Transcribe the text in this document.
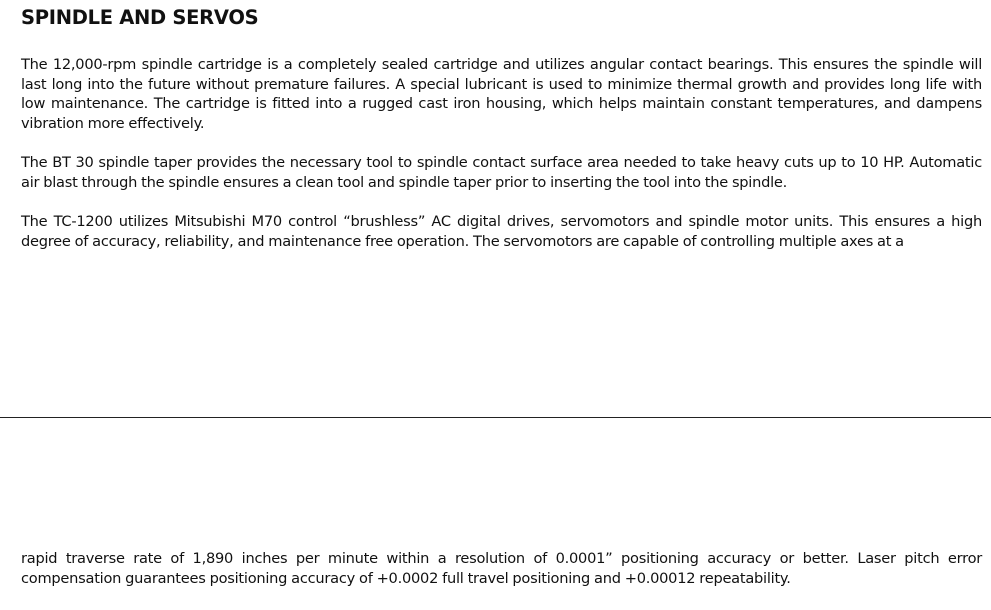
SPINDLE AND SERVOS

The 12,000-rpm spindle cartridge is a completely sealed cartridge and utilizes angular contact bearings. This ensures the spindle will last long into the future without premature failures. A special lubricant is used to minimize thermal growth and provides long life with low maintenance. The cartridge is fitted into a rugged cast iron housing, which helps maintain constant temperatures, and dampens vibration more effectively.

The BT 30 spindle taper provides the necessary tool to spindle contact surface area needed to take heavy cuts up to 10 HP. Automatic air blast through the spindle ensures a clean tool and spindle taper prior to inserting the tool into the spindle.

The TC-1200 utilizes Mitsubishi M70 control “brushless” AC digital drives, servomotors and spindle motor units. This ensures a high degree of accuracy, reliability, and maintenance free operation. The servomotors are capable of controlling multiple axes at a

rapid traverse rate of 1,890 inches per minute within a resolution of 0.0001” positioning accuracy or better. Laser pitch error compensation guarantees positioning accuracy of +0.0002 full travel positioning and +0.00012 repeatability.
